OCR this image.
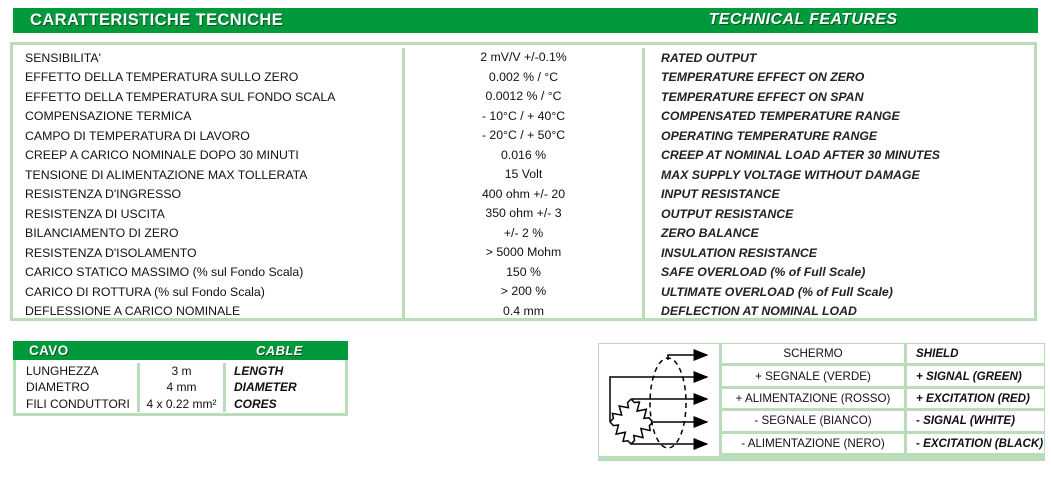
CARATTERISTICHE TECNICHE	TECHNICAL FEATURES
SENSIBILITA'	2 mV/V +/-0.1%	RATED OUTPUT
EFFETTO DELLA TEMPERATURA SULLO ZERO	0.002 % / °C	TEMPERATURE EFFECT ON ZERO
EFFETTO DELLA TEMPERATURA SUL FONDO SCALA	0.0012 % / °C	TEMPERATURE EFFECT ON SPAN
COMPENSAZIONE TERMICA	- 10°C / + 40°C	COMPENSATED TEMPERATURE RANGE
CAMPO DI TEMPERATURA DI LAVORO	- 20°C / + 50°C	OPERATING TEMPERATURE RANGE
CREEP A CARICO NOMINALE DOPO 30 MINUTI	0.016 %	CREEP AT NOMINAL LOAD AFTER 30 MINUTES
TENSIONE DI ALIMENTAZIONE MAX TOLLERATA	15 Volt	MAX SUPPLY VOLTAGE WITHOUT DAMAGE
RESISTENZA D'INGRESSO	400 ohm +/- 20	INPUT RESISTANCE
RESISTENZA DI USCITA	350 ohm +/- 3	OUTPUT RESISTANCE
BILANCIAMENTO DI ZERO	+/- 2 %	ZERO BALANCE
RESISTENZA D'ISOLAMENTO	> 5000 Mohm	INSULATION RESISTANCE
CARICO STATICO MASSIMO (% sul Fondo Scala)	150 %	SAFE OVERLOAD (% of Full Scale)
CARICO DI ROTTURA (% sul Fondo Scala)	> 200 %	ULTIMATE OVERLOAD (% of Full Scale)
DEFLESSIONE A CARICO NOMINALE	0.4 mm	DEFLECTION AT NOMINAL LOAD
CAVO	CABLE
LUNGHEZZA	3 m	LENGTH
DIAMETRO	4 mm	DIAMETER
FILI CONDUTTORI	4 x 0.22 mm²	CORES
SCHERMO	SHIELD
+ SEGNALE (VERDE)	+ SIGNAL (GREEN)
+ ALIMENTAZIONE (ROSSO)	+ EXCITATION (RED)
- SEGNALE (BIANCO)	- SIGNAL (WHITE)
- ALIMENTAZIONE (NERO)	- EXCITATION (BLACK)
